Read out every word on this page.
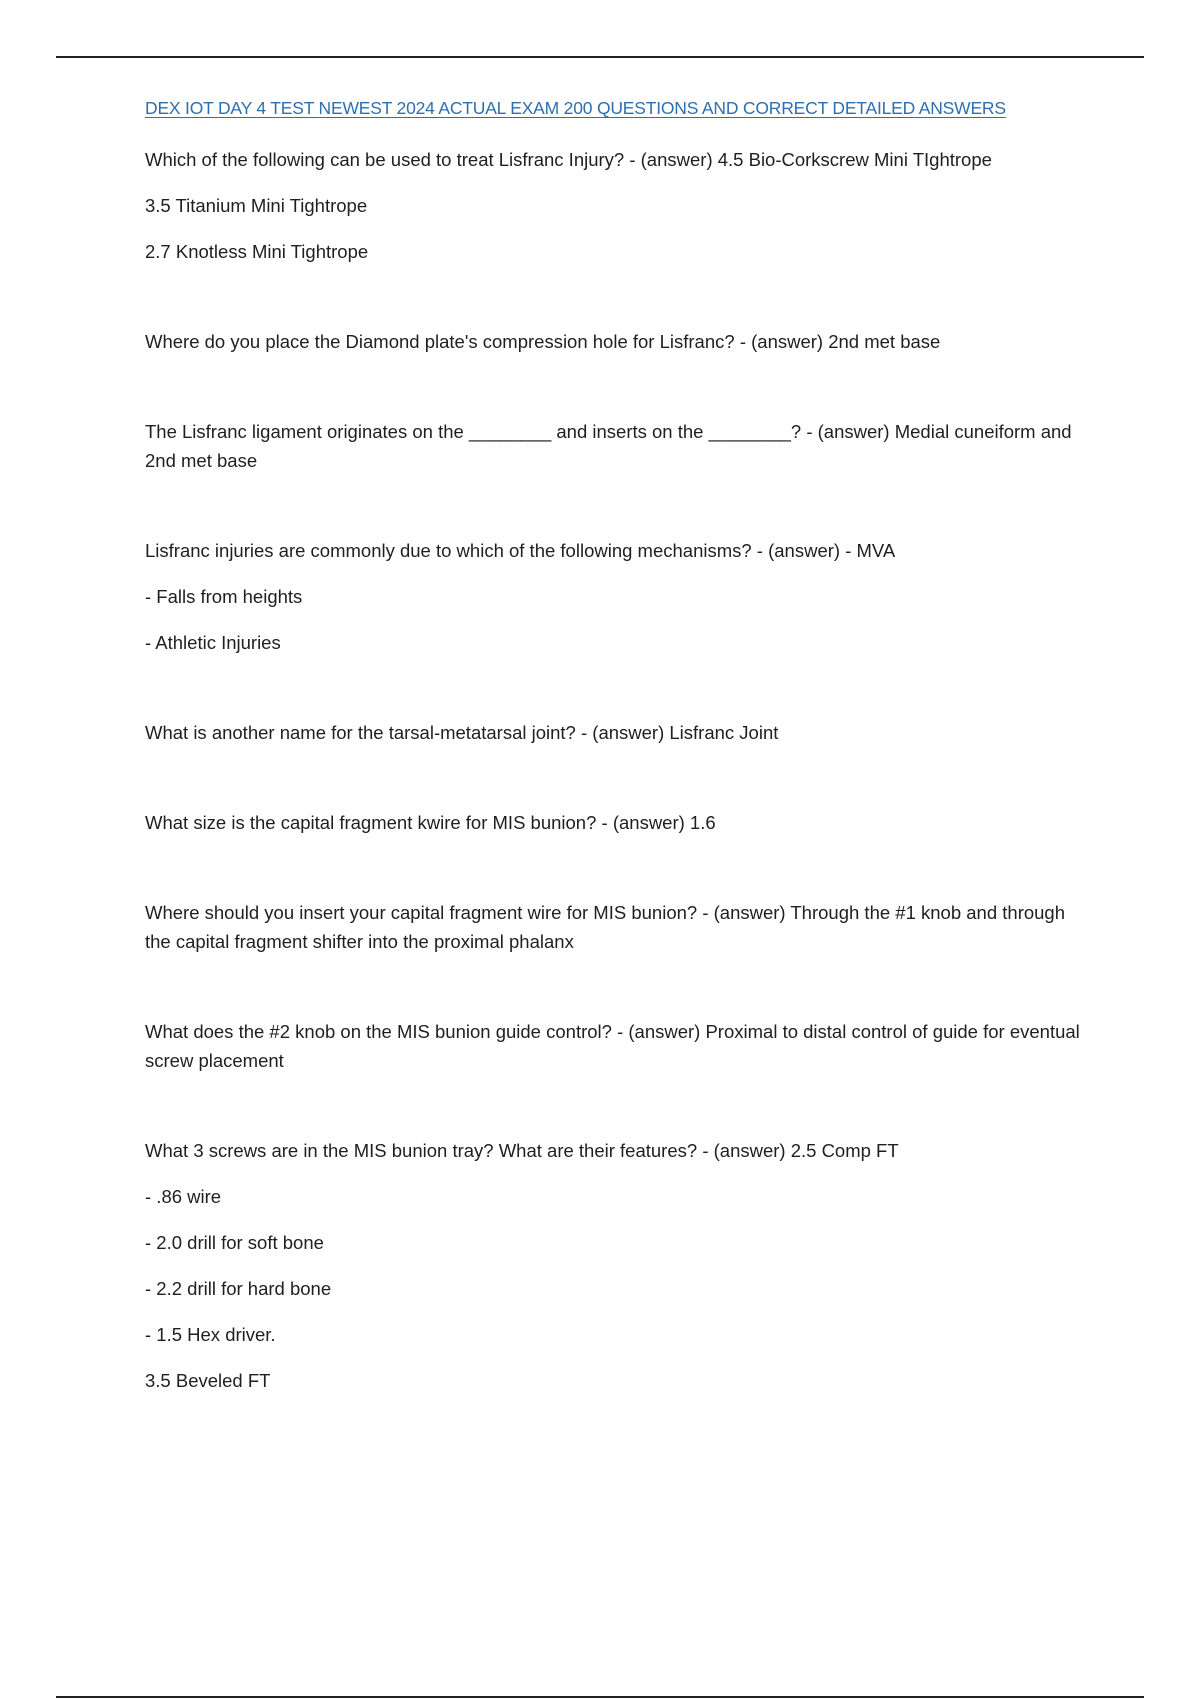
DEX IOT DAY 4 TEST NEWEST 2024 ACTUAL EXAM 200 QUESTIONS AND CORRECT DETAILED ANSWERS
Which of the following can be used to treat Lisfranc Injury? - (answer) 4.5 Bio-Corkscrew Mini TIghtrope
3.5 Titanium Mini Tightrope
2.7 Knotless Mini Tightrope
Where do you place the Diamond plate's compression hole for Lisfranc? - (answer) 2nd met base
The Lisfranc ligament originates on the ________ and inserts on the ________? - (answer) Medial cuneiform and 2nd met base
Lisfranc injuries are commonly due to which of the following mechanisms? - (answer) - MVA
- Falls from heights
- Athletic Injuries
What is another name for the tarsal-metatarsal joint? - (answer) Lisfranc Joint
What size is the capital fragment kwire for MIS bunion? - (answer) 1.6
Where should you insert your capital fragment wire for MIS bunion? - (answer) Through the #1 knob and through the capital fragment shifter into the proximal phalanx
What does the #2 knob on the MIS bunion guide control? - (answer) Proximal to distal control of guide for eventual screw placement
What 3 screws are in the MIS bunion tray? What are their features? - (answer) 2.5 Comp FT
- .86 wire
- 2.0 drill for soft bone
- 2.2 drill for hard bone
- 1.5 Hex driver.
3.5 Beveled FT
